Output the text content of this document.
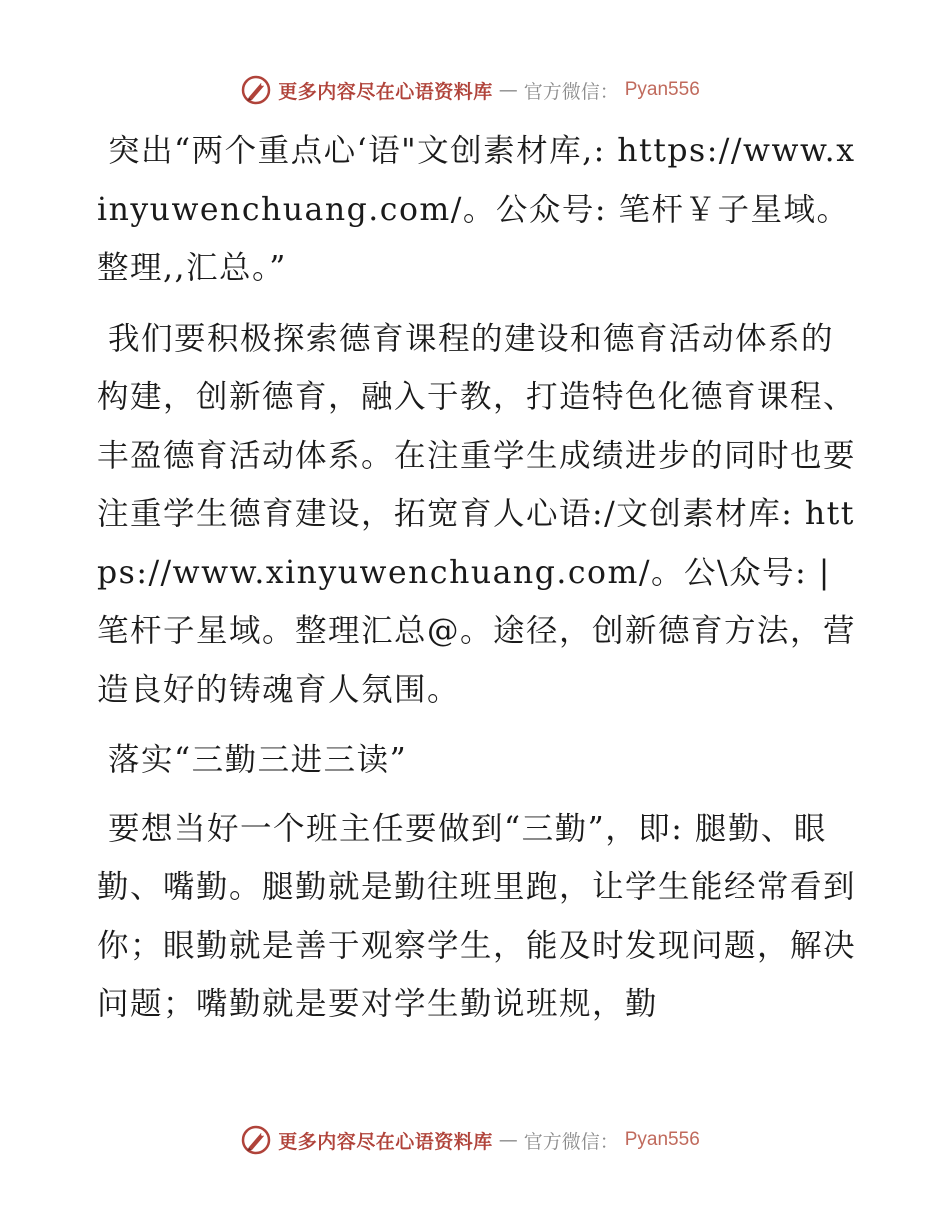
更多内容尽在心语资料库 — 官方微信： Pyan556

突出“两个重点心‘语"文创素材库,: https://www.xinyuwenchuang.com/。公众号: 笔杆￥子星域。整理,,汇总。”

我们要积极探索德育课程的建设和德育活动体系的构建，创新德育，融入于教，打造特色化德育课程、丰盈德育活动体系。在注重学生成绩进步的同时也要注重学生德育建设，拓宽育人心语:/文创素材库: https://www.xinyuwenchuang.com/。公\众号: |笔杆子星域。整理汇总@。途径，创新德育方法，营造良好的铸魂育人氛围。

落实“三勤三进三读”

要想当好一个班主任要做到“三勤”，即: 腿勤、眼勤、嘴勤。腿勤就是勤往班里跑，让学生能经常看到你；眼勤就是善于观察学生，能及时发现问题，解决问题；嘴勤就是要对学生勤说班规，勤

更多内容尽在心语资料库 — 官方微信： Pyan556
